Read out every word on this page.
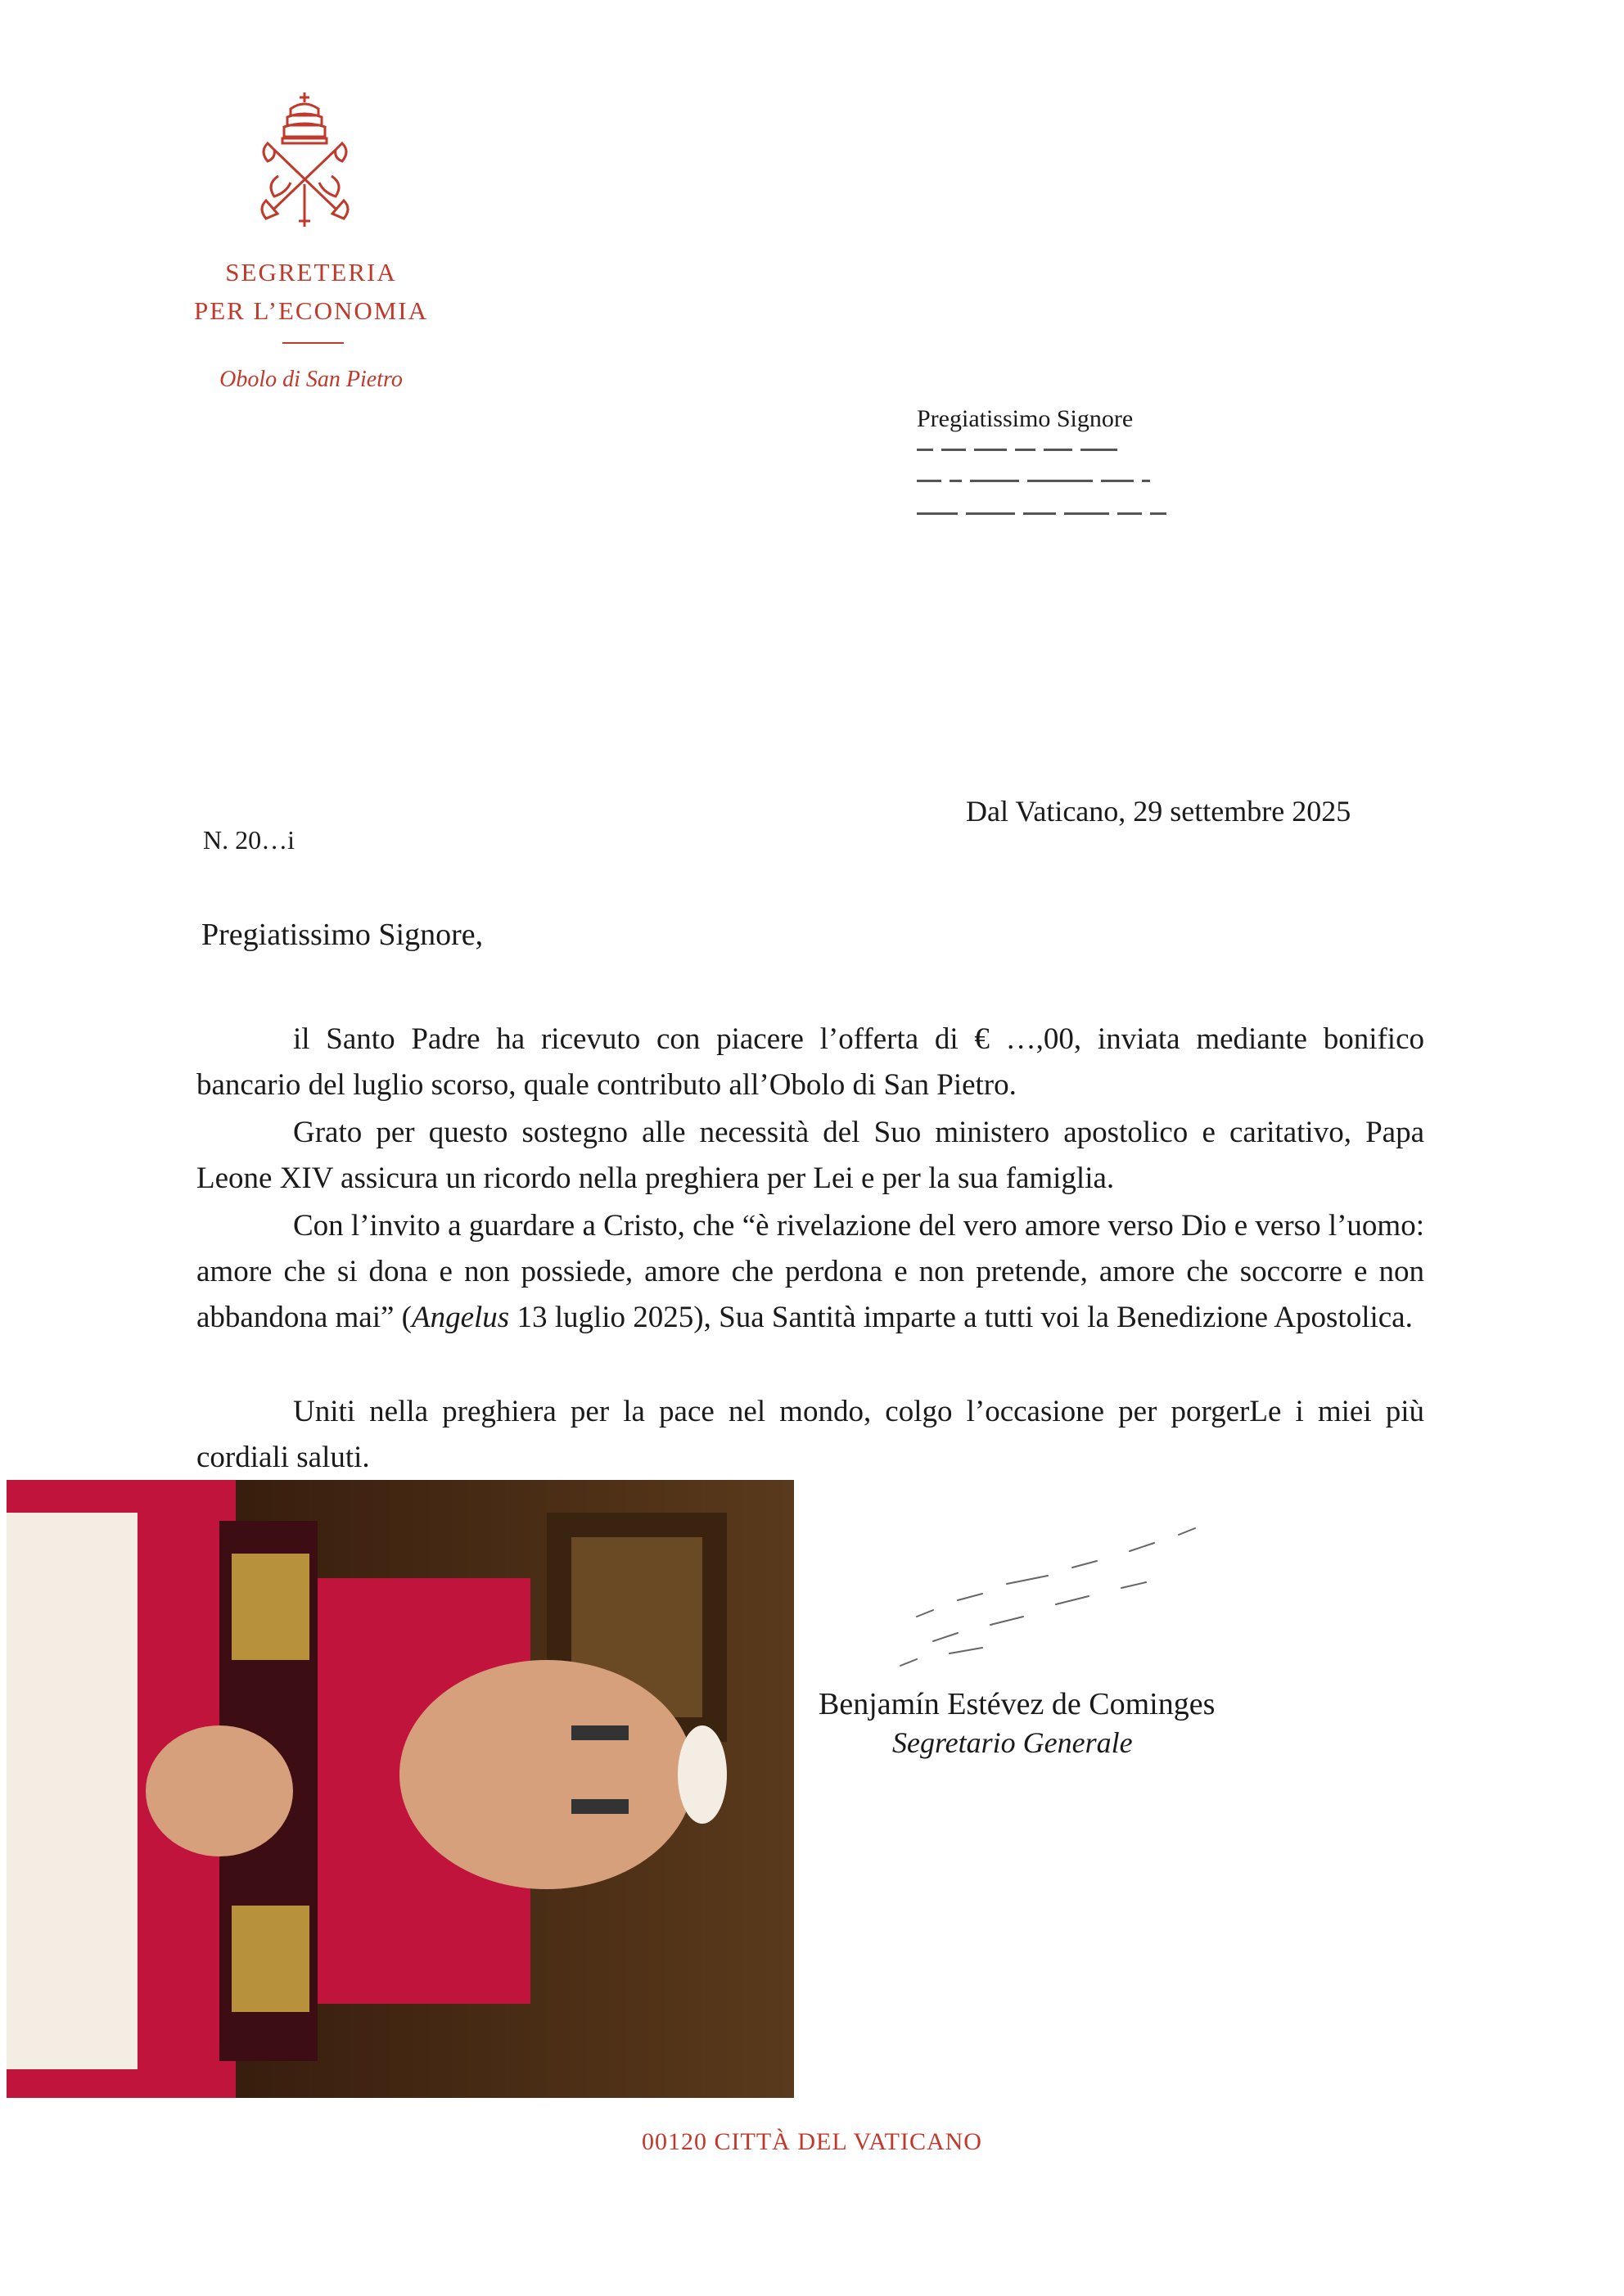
SEGRETERIA
PER L’ECONOMIA
Obolo di San Pietro
Pregiatissimo Signore
Dal Vaticano, 29 settembre 2025
N. 20…i
Pregiatissimo Signore,
il Santo Padre ha ricevuto con piacere l’offerta di € …,00, inviata mediante bonifico bancario del luglio scorso, quale contributo all’Obolo di San Pietro.
Grato per questo sostegno alle necessità del Suo ministero apostolico e caritativo, Papa Leone XIV assicura un ricordo nella preghiera per Lei e per la sua famiglia.
Con l’invito a guardare a Cristo, che “è rivelazione del vero amore verso Dio e verso l’uomo: amore che si dona e non possiede, amore che perdona e non pretende, amore che soccorre e non abbandona mai” (Angelus 13 luglio 2025), Sua Santità imparte a tutti voi la Benedizione Apostolica.
Uniti nella preghiera per la pace nel mondo, colgo l’occasione per porgerLe i miei più cordiali saluti.
Benjamín Estévez de Cominges
Segretario Generale
00120 CITTÀ DEL VATICANO
